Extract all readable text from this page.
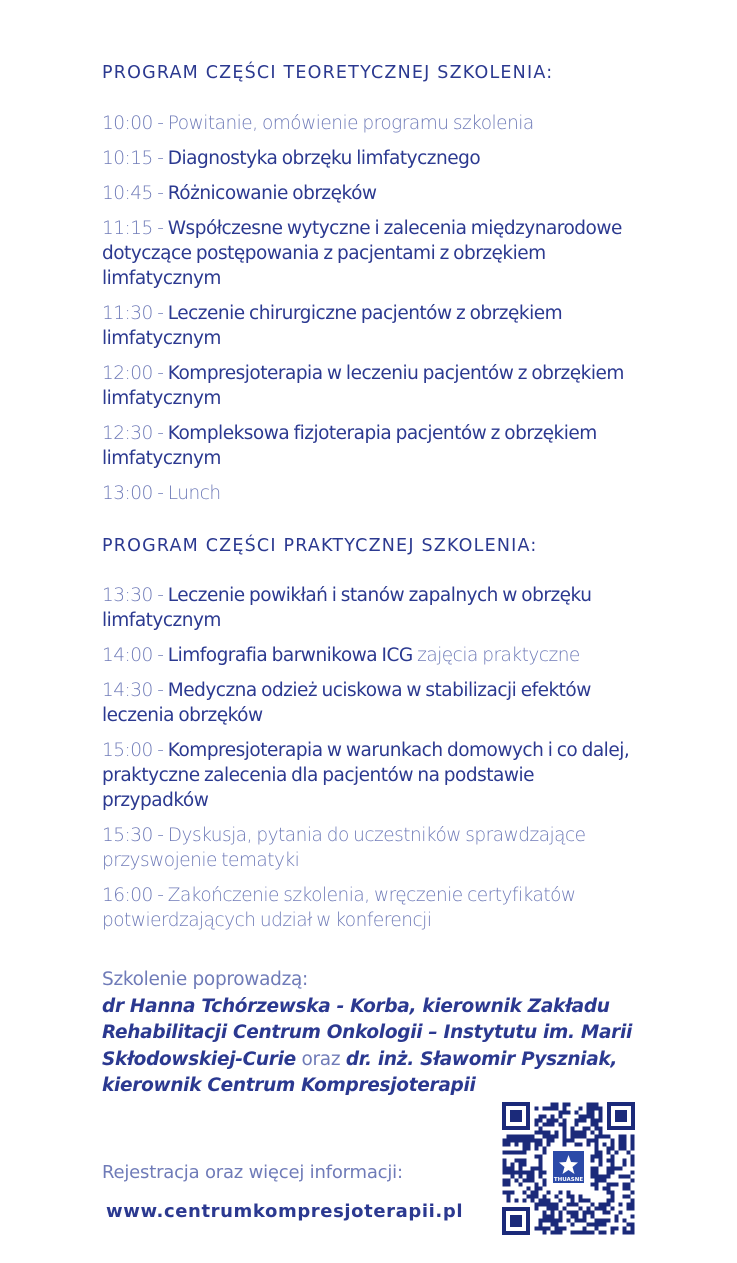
PROGRAM CZĘŚCI TEORETYCZNEJ SZKOLENIA:

10:00 - Powitanie, omówienie programu szkolenia

10:15 - Diagnostyka obrzęku limfatycznego

10:45 - Różnicowanie obrzęków

11:15 - Współczesne wytyczne i zalecenia międzynarodowe dotyczące postępowania z pacjentami z obrzękiem limfatycznym

11:30 - Leczenie chirurgiczne pacjentów z obrzękiem limfatycznym

12:00 - Kompresjoterapia w leczeniu pacjentów z obrzękiem limfatycznym

12:30 - Kompleksowa fizjoterapia pacjentów z obrzękiem limfatycznym

13:00 - Lunch

PROGRAM CZĘŚCI PRAKTYCZNEJ SZKOLENIA:

13:30 - Leczenie powikłań i stanów zapalnych w obrzęku limfatycznym

14:00 - Limfografia barwnikowa ICG zajęcia praktyczne

14:30 - Medyczna odzież uciskowa w stabilizacji efektów leczenia obrzęków

15:00 - Kompresjoterapia w warunkach domowych i co dalej, praktyczne zalecenia dla pacjentów na podstawie przypadków

15:30 - Dyskusja, pytania do uczestników sprawdzające przyswojenie tematyki

16:00 - Zakończenie szkolenia, wręczenie certyfikatów potwierdzających udział w konferencji

Szkolenie poprowadzą:
dr Hanna Tchórzewska - Korba, kierownik Zakładu Rehabilitacji Centrum Onkologii – Instytutu im. Marii Skłodowskiej-Curie oraz dr. inż. Sławomir Pyszniak, kierownik Centrum Kompresjoterapii
Rejestracja oraz więcej informacji:
www.centrumkompresjoterapii.pl
THUASNE
